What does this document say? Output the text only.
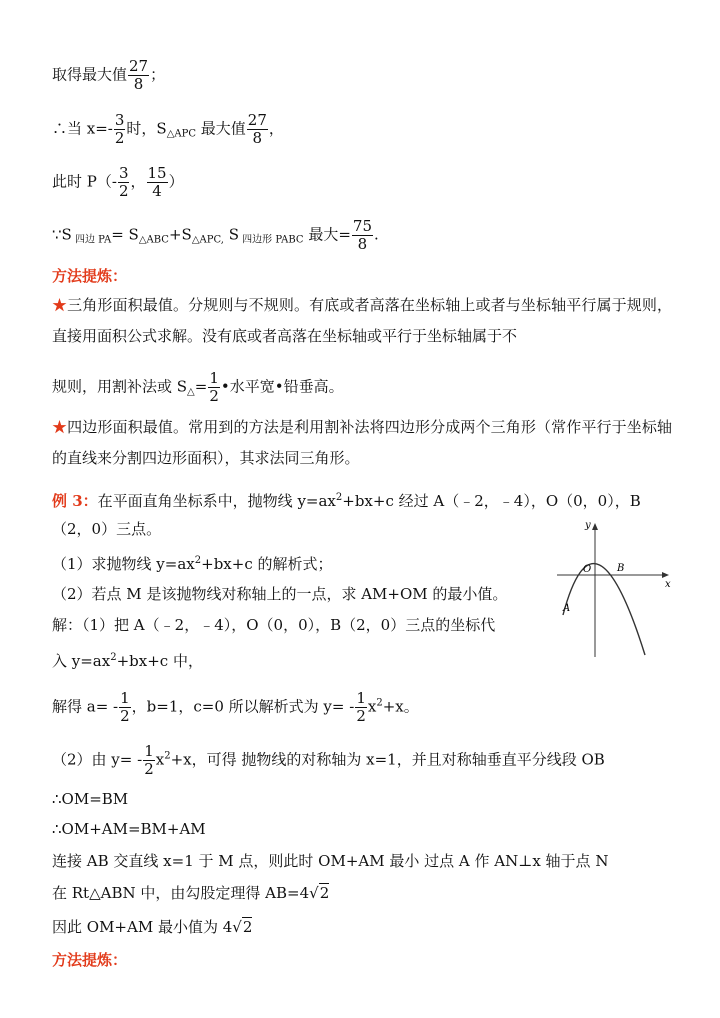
取得最大值 $\frac{27}{8}$ ；
∴当 $x=- \frac{3}{2}$ 时，$S_{\triangle APC}$ 最大值 $\frac{27}{8}$ ，
此时 $P(- \frac{3}{2}$ ， $\frac{15}{4}$ ）
∵S $_{四边 PA}= S_{\triangle ABC}+S_{\triangle APC,}$ S $_{四边形 PABC}$ 最大= $\frac{75}{8}$ .
方法提炼：
★三角形面积最值。分规则与不规则。有底或者高落在坐标轴上或者与坐标轴平行属于规则，直接用面积公式求解。没有底或者高落在坐标轴或平行于坐标轴属于不
规则，用割补法或 $S_\triangle= \frac{1}{2}$ •水平宽•铅垂高。
★四边形面积最值。常用到的方法是利用割补法将四边形分成两个三角形（常作平行于坐标轴的直线来分割四边形面积），其求法同三角形。
例 3：在平面直角坐标系中，抛物线 $y=ax^2+bx+c$ 经过 A（﹣2，﹣4），O（0，0），B
（2，0）三点。
（1）求抛物线 $y=ax^2+bx+c$ 的解析式；
（2）若点 M 是该抛物线对称轴上的一点，求 AM+OM 的最小值。
解：（1）把 A（﹣2，﹣4），O（0，0），B（2，0）三点的坐标代
入 $y=ax^2+bx+c$ 中，
解得 $a= - \frac{1}{2}$ ，b=1，c=0 所以解析式为 $y= - \frac{1}{2} x^2+x$。
（2）由 $y= - \frac{1}{2} x^2+x$，可得 抛物线的对称轴为 x=1，并且对称轴垂直平分线段 OB
∴OM=BM
∴OM+AM=BM+AM
连接 AB 交直线 x=1 于 M 点，则此时 OM+AM 最小 过点 A 作 AN⊥x 轴于点 N
在 Rt△ABN 中，由勾股定理得 AB=4√2
因此 OM+AM 最小值为 4√2
方法提炼：
y
x
O	B
A
